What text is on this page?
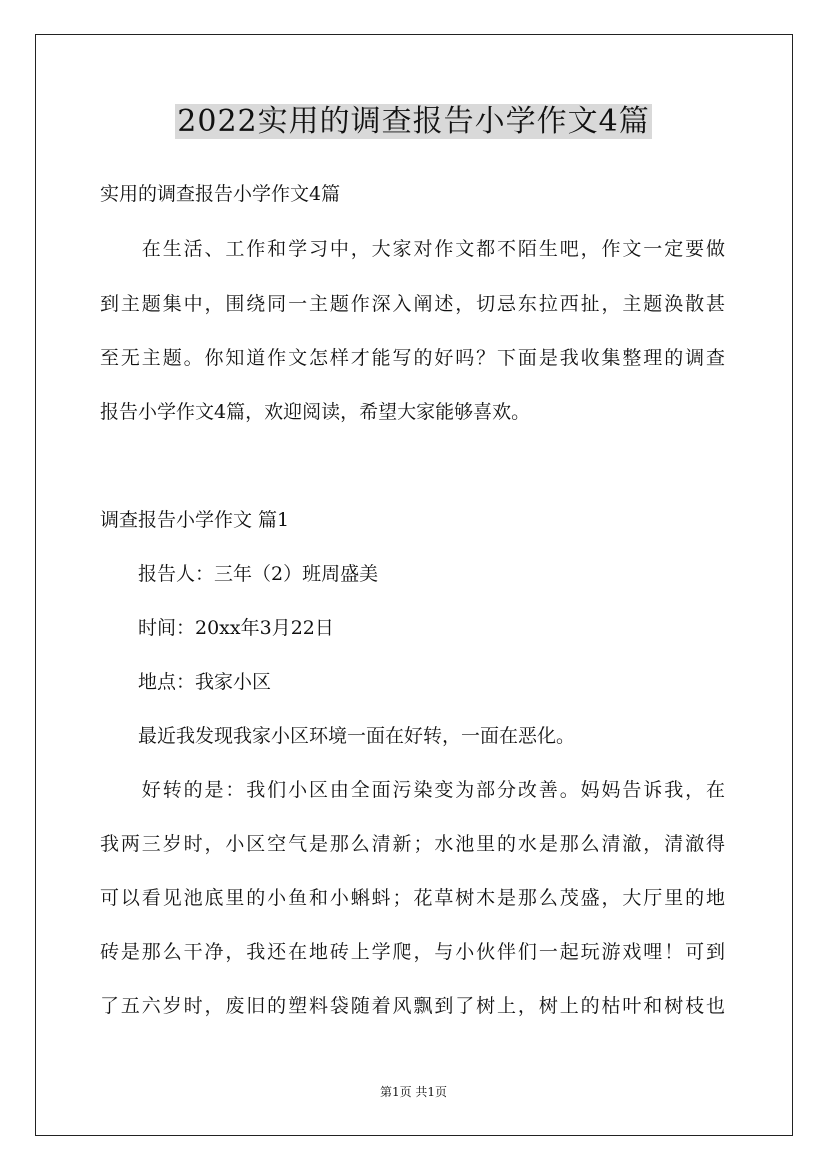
2022实用的调查报告小学作文4篇
实用的调查报告小学作文4篇
　　在生活、工作和学习中，大家对作文都不陌生吧，作文一定要做
到主题集中，围绕同一主题作深入阐述，切忌东拉西扯，主题涣散甚
至无主题。你知道作文怎样才能写的好吗？下面是我收集整理的调查
报告小学作文4篇，欢迎阅读，希望大家能够喜欢。
调查报告小学作文 篇1
　　报告人：三年（2）班周盛美
　　时间：20xx年3月22日
　　地点：我家小区
　　最近我发现我家小区环境一面在好转，一面在恶化。
　　好转的是：我们小区由全面污染变为部分改善。妈妈告诉我，在
我两三岁时，小区空气是那么清新；水池里的水是那么清澈，清澈得
可以看见池底里的小鱼和小蝌蚪；花草树木是那么茂盛，大厅里的地
砖是那么干净，我还在地砖上学爬，与小伙伴们一起玩游戏哩！可到
了五六岁时，废旧的塑料袋随着风飘到了树上，树上的枯叶和树枝也
第1页 共1页
